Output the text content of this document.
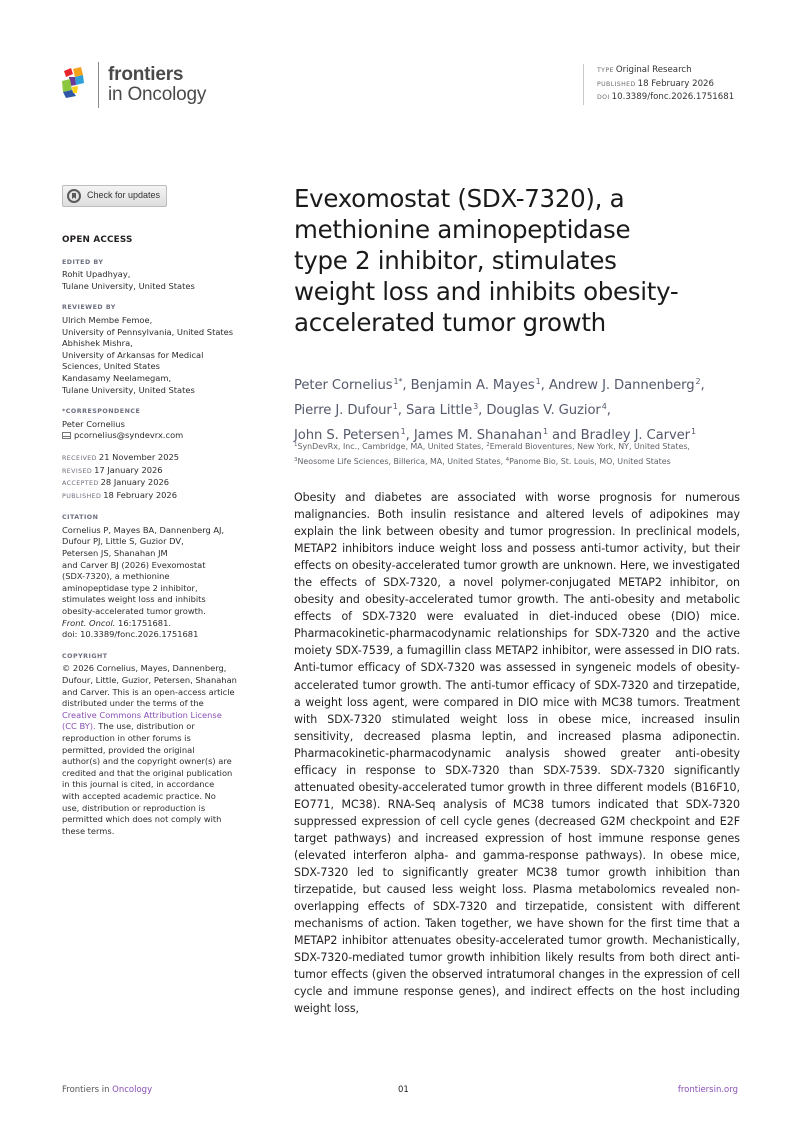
frontiers
in Oncology
TYPE Original Research
PUBLISHED 18 February 2026
DOI 10.3389/fonc.2026.1751681
Check for updates
OPEN ACCESS
EDITED BY
Rohit Upadhyay,
Tulane University, United States
REVIEWED BY
Ulrich Membe Femoe,
University of Pennsylvania, United States
Abhishek Mishra,
University of Arkansas for Medical
Sciences, United States
Kandasamy Neelamegam,
Tulane University, United States
*CORRESPONDENCE
Peter Cornelius
pcornelius@syndevrx.com
RECEIVED 21 November 2025
REVISED 17 January 2026
ACCEPTED 28 January 2026
PUBLISHED 18 February 2026
CITATION
Cornelius P, Mayes BA, Dannenberg AJ,
Dufour PJ, Little S, Guzior DV,
Petersen JS, Shanahan JM
and Carver BJ (2026) Evexomostat
(SDX-7320), a methionine
aminopeptidase type 2 inhibitor,
stimulates weight loss and inhibits
obesity-accelerated tumor growth.
Front. Oncol. 16:1751681.
doi: 10.3389/fonc.2026.1751681
COPYRIGHT
© 2026 Cornelius, Mayes, Dannenberg,
Dufour, Little, Guzior, Petersen, Shanahan
and Carver. This is an open-access article
distributed under the terms of the
Creative Commons Attribution License
(CC BY). The use, distribution or
reproduction in other forums is
permitted, provided the original
author(s) and the copyright owner(s) are
credited and that the original publication
in this journal is cited, in accordance
with accepted academic practice. No
use, distribution or reproduction is
permitted which does not comply with
these terms.
Evexomostat (SDX-7320), a
methionine aminopeptidase
type 2 inhibitor, stimulates
weight loss and inhibits obesity-
accelerated tumor growth
Peter Cornelius$^{1*}$, Benjamin A. Mayes$^1$, Andrew J. Dannenberg$^2$,
Pierre J. Dufour$^1$, Sara Little$^3$, Douglas V. Guzior$^4$,
John S. Petersen$^1$, James M. Shanahan$^1$ and Bradley J. Carver$^1$
$^1$SynDevRx, Inc., Cambridge, MA, United States, $^2$Emerald Bioventures, New York, NY, United States,
$^3$Neosome Life Sciences, Billerica, MA, United States, $^4$Panome Bio, St. Louis, MO, United States
Obesity and diabetes are associated with worse prognosis for numerous malignancies. Both insulin resistance and altered levels of adipokines may explain the link between obesity and tumor progression. In preclinical models, METAP2 inhibitors induce weight loss and possess anti-tumor activity, but their effects on obesity-accelerated tumor growth are unknown. Here, we investigated the effects of SDX-7320, a novel polymer-conjugated METAP2 inhibitor, on obesity and obesity-accelerated tumor growth. The anti-obesity and metabolic effects of SDX-7320 were evaluated in diet-induced obese (DIO) mice. Pharmacokinetic-pharmacodynamic relationships for SDX-7320 and the active moiety SDX-7539, a fumagillin class METAP2 inhibitor, were assessed in DIO rats. Anti-tumor efficacy of SDX-7320 was assessed in syngeneic models of obesity-accelerated tumor growth. The anti-tumor efficacy of SDX-7320 and tirzepatide, a weight loss agent, were compared in DIO mice with MC38 tumors. Treatment with SDX-7320 stimulated weight loss in obese mice, increased insulin sensitivity, decreased plasma leptin, and increased plasma adiponectin. Pharmacokinetic-pharmacodynamic analysis showed greater anti-obesity efficacy in response to SDX-7320 than SDX-7539. SDX-7320 significantly attenuated obesity-accelerated tumor growth in three different models (B16F10, EO771, MC38). RNA-Seq analysis of MC38 tumors indicated that SDX-7320 suppressed expression of cell cycle genes (decreased G2M checkpoint and E2F target pathways) and increased expression of host immune response genes (elevated interferon alpha- and gamma-response pathways). In obese mice, SDX-7320 led to significantly greater MC38 tumor growth inhibition than tirzepatide, but caused less weight loss. Plasma metabolomics revealed non-overlapping effects of SDX-7320 and tirzepatide, consistent with different mechanisms of action. Taken together, we have shown for the first time that a METAP2 inhibitor attenuates obesity-accelerated tumor growth. Mechanistically, SDX-7320-mediated tumor growth inhibition likely results from both direct anti-tumor effects (given the observed intratumoral changes in the expression of cell cycle and immune response genes), and indirect effects on the host including weight loss,
Frontiers in Oncology	01	frontiersin.org
